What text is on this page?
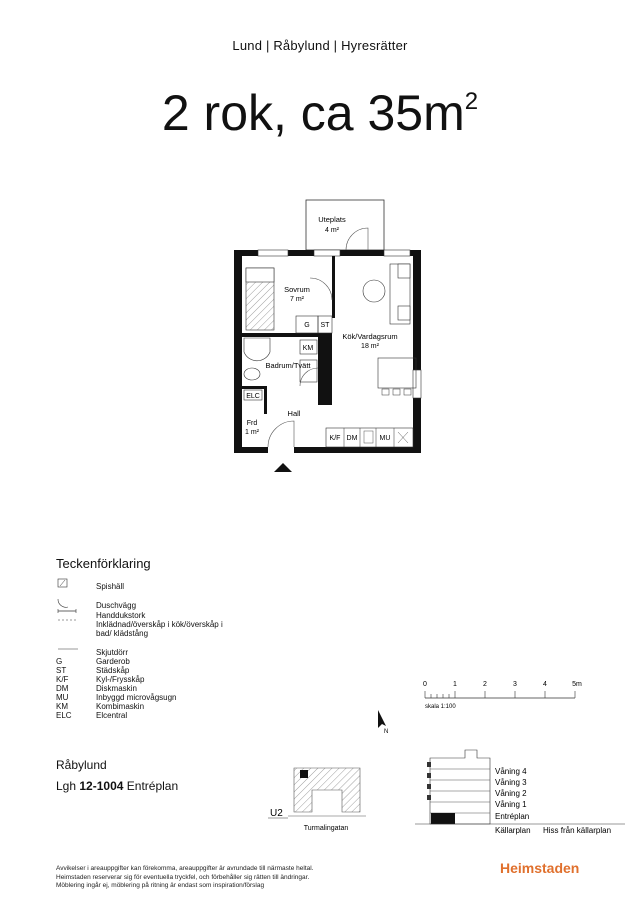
Lund | Råbylund | Hyresrätter
2 rok, ca $35m^2$
Uteplats
4 m²
G ST
Sovrum
7 m²
Kök/Vardagsrum
18 m²
K/F DM	MU
KM
Badrum/Tvätt
ELC
Hall
Frd
1 m²
Teckenförklaring
Spishäll
Duschvägg
Handdukstork
Inklädnad/överskåp i kök/överskåp i bad/ klädstång
Skjutdörr
G	Garderob
ST	Städskåp
K/F	Kyl-/Frysskåp
DM	Diskmaskin
MU	Inbyggd microvågsugn
KM	Kombimaskin
ELC	Elcentral
0	1	2	3	4	5m
skala 1:100
N
Råbylund
Lgh 12-1004 Entréplan
U2
Turmalingatan
Våning 4
Våning 3
Våning 2
Våning 1
Entréplan
Källarplan Hiss från källarplan
Avvikelser i areauppgifter kan förekomma, areauppgifter är avrundade till närmaste heltal.
Heimstaden reserverar sig för eventuella tryckfel, och förbehåller sig rätten till ändringar.
Möblering ingår ej, möblering på ritning är endast som inspiration/förslag
Heimstaden
